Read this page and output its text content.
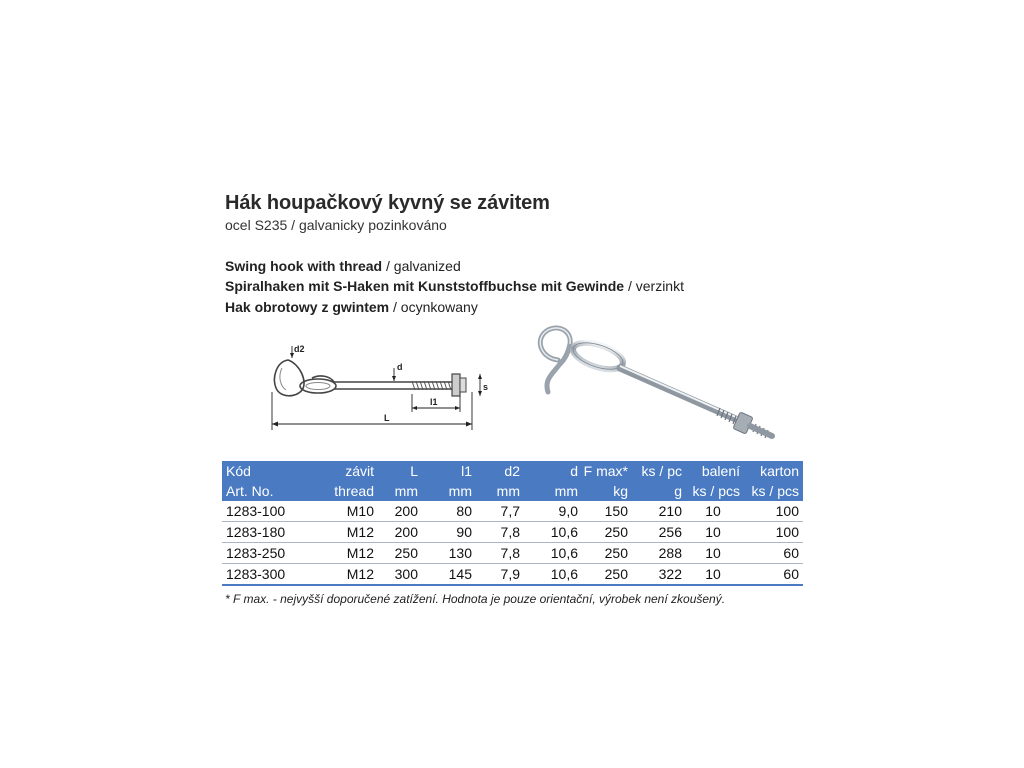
Hák houpačkový kyvný se závitem
ocel S235 / galvanicky pozinkováno
Swing hook with thread / galvanized
Spiralhaken mit S-Haken mit Kunststoffbuchse mit Gewinde / verzinkt
Hak obrotowy z gwintem / ocynkowany
d2
d
s
l1
L
Kód	závit	L	l1	d2	d	F max*	ks / pc	balení	karton
Art. No.	thread	mm	mm	mm	mm	kg	g	ks / pcs	ks / pcs
1283-100	M10	200	80	7,7	9,0	150	210	10	100
1283-180	M12	200	90	7,8	10,6	250	256	10	100
1283-250	M12	250	130	7,8	10,6	250	288	10	60
1283-300	M12	300	145	7,9	10,6	250	322	10	60
* F max. - nejvyšší doporučené zatížení. Hodnota je pouze orientační, výrobek není zkoušený.
